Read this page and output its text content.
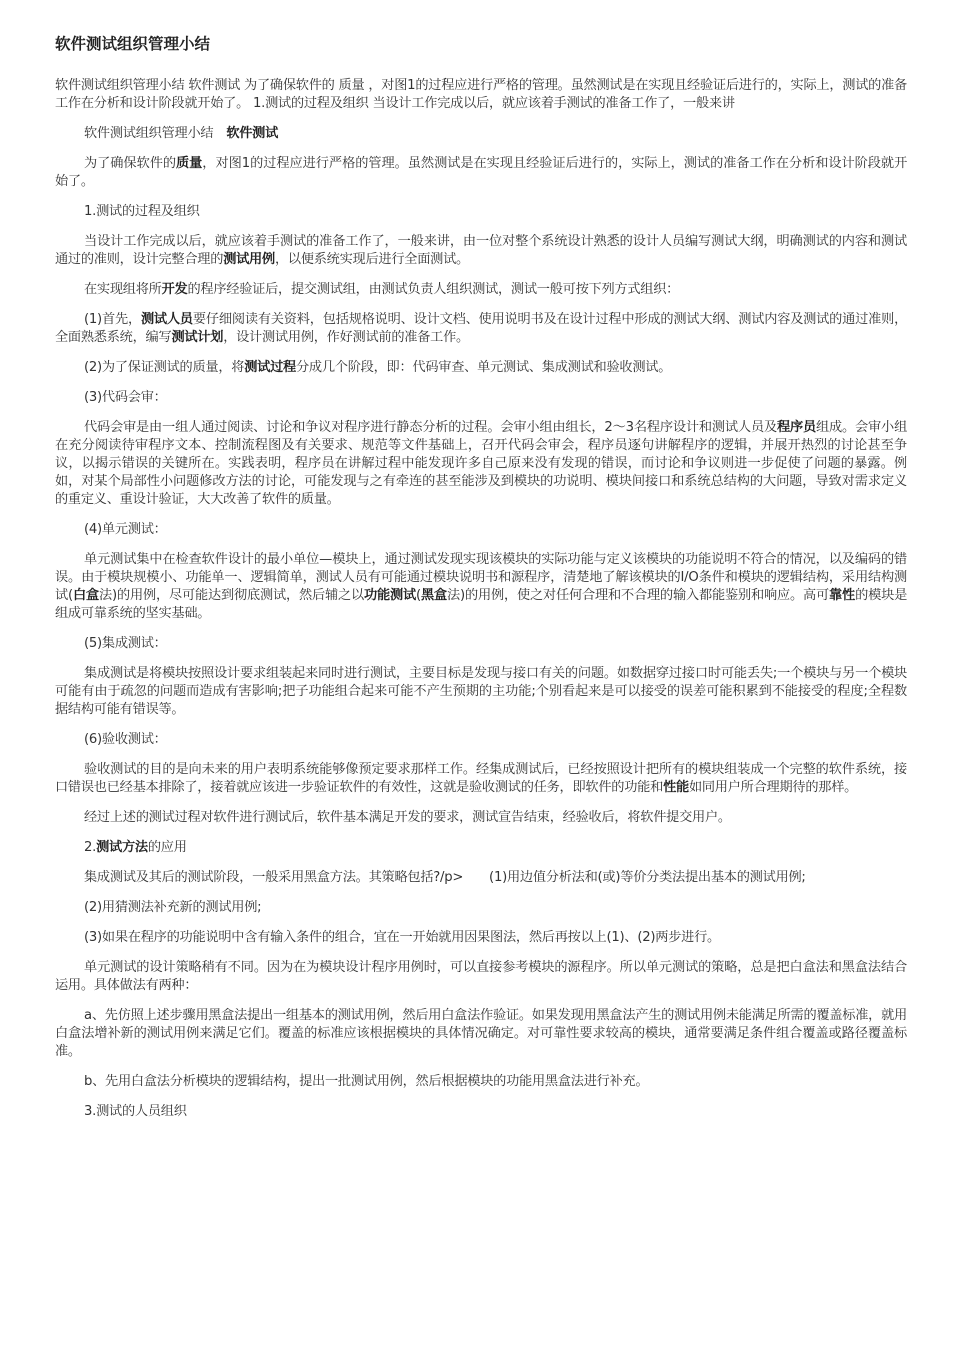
软件测试组织管理小结

软件测试组织管理小结 软件测试 为了确保软件的 质量 ，对图1的过程应进行严格的管理。虽然测试是在实现且经验证后进行的，实际上，测试的准备工作在分析和设计阶段就开始了。 1.测试的过程及组织 当设计工作完成以后，就应该着手测试的准备工作了，一般来讲

软件测试组织管理小结　 软件测试

为了确保软件的质量，对图1的过程应进行严格的管理。虽然测试是在实现且经验证后进行的，实际上，测试的准备工作在分析和设计阶段就开始了。

1.测试的过程及组织

当设计工作完成以后，就应该着手测试的准备工作了，一般来讲，由一位对整个系统设计熟悉的设计人员编写测试大纲，明确测试的内容和测试通过的准则，设计完整合理的测试用例，以便系统实现后进行全面测试。

在实现组将所开发的程序经验证后，提交测试组，由测试负责人组织测试，测试一般可按下列方式组织：

(1)首先，测试人员要仔细阅读有关资料，包括规格说明、设计文档、使用说明书及在设计过程中形成的测试大纲、测试内容及测试的通过准则，全面熟悉系统，编写测试计划，设计测试用例，作好测试前的准备工作。

(2)为了保证测试的质量，将测试过程分成几个阶段，即：代码审查、单元测试、集成测试和验收测试。

(3)代码会审：

代码会审是由一组人通过阅读、讨论和争议对程序进行静态分析的过程。会审小组由组长，2～3名程序设计和测试人员及程序员组成。会审小组在充分阅读待审程序文本、控制流程图及有关要求、规范等文件基础上，召开代码会审会，程序员逐句讲解程序的逻辑，并展开热烈的讨论甚至争议，以揭示错误的关键所在。实践表明，程序员在讲解过程中能发现许多自己原来没有发现的错误，而讨论和争议则进一步促使了问题的暴露。例如，对某个局部性小问题修改方法的讨论，可能发现与之有牵连的甚至能涉及到模块的功说明、模块间接口和系统总结构的大问题，导致对需求定义的重定义、重设计验证，大大改善了软件的质量。

(4)单元测试：

单元测试集中在检查软件设计的最小单位—模块上，通过测试发现实现该模块的实际功能与定义该模块的功能说明不符合的情况，以及编码的错误。由于模块规模小、功能单一、逻辑简单，测试人员有可能通过模块说明书和源程序，清楚地了解该模块的I/O条件和模块的逻辑结构，采用结构测试(白盒法)的用例，尽可能达到彻底测试，然后辅之以功能测试(黑盒法)的用例，使之对任何合理和不合理的输入都能鉴别和响应。高可靠性的模块是组成可靠系统的坚实基础。

(5)集成测试：

集成测试是将模块按照设计要求组装起来同时进行测试，主要目标是发现与接口有关的问题。如数据穿过接口时可能丢失;一个模块与另一个模块可能有由于疏忽的问题而造成有害影响;把子功能组合起来可能不产生预期的主功能;个别看起来是可以接受的误差可能积累到不能接受的程度;全程数据结构可能有错误等。

(6)验收测试：

验收测试的目的是向未来的用户表明系统能够像预定要求那样工作。经集成测试后，已经按照设计把所有的模块组装成一个完整的软件系统，接口错误也已经基本排除了，接着就应该进一步验证软件的有效性，这就是验收测试的任务，即软件的功能和性能如同用户所合理期待的那样。

经过上述的测试过程对软件进行测试后，软件基本满足开发的要求，测试宣告结束，经验收后，将软件提交用户。

2.测试方法的应用

集成测试及其后的测试阶段，一般采用黑盒方法。其策略包括?/p>　　(1)用边值分析法和(或)等价分类法提出基本的测试用例;

(2)用猜测法补充新的测试用例;

(3)如果在程序的功能说明中含有输入条件的组合，宜在一开始就用因果图法，然后再按以上(1)、(2)两步进行。

单元测试的设计策略稍有不同。因为在为模块设计程序用例时，可以直接参考模块的源程序。所以单元测试的策略，总是把白盒法和黑盒法结合运用。具体做法有两种：

a、先仿照上述步骤用黑盒法提出一组基本的测试用例，然后用白盒法作验证。如果发现用黑盒法产生的测试用例未能满足所需的覆盖标准，就用白盒法增补新的测试用例来满足它们。覆盖的标准应该根据模块的具体情况确定。对可靠性要求较高的模块，通常要满足条件组合覆盖或路径覆盖标准。

b、先用白盒法分析模块的逻辑结构，提出一批测试用例，然后根据模块的功能用黑盒法进行补充。

3.测试的人员组织
